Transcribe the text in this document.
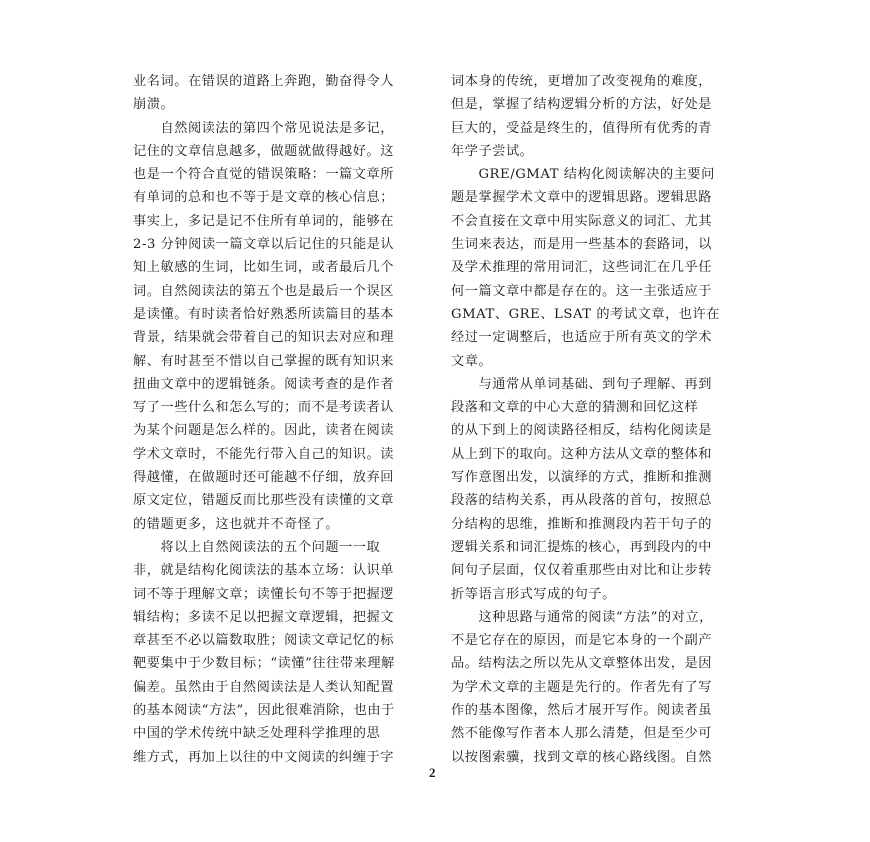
业名词。在错误的道路上奔跑，勤奋得令人
崩溃。
　　自然阅读法的第四个常见说法是多记，
记住的文章信息越多，做题就做得越好。这
也是一个符合直觉的错误策略：一篇文章所
有单词的总和也不等于是文章的核心信息；
事实上，多记是记不住所有单词的，能够在
2-3 分钟阅读一篇文章以后记住的只能是认
知上敏感的生词，比如生词，或者最后几个
词。自然阅读法的第五个也是最后一个误区
是读懂。有时读者恰好熟悉所读篇目的基本
背景，结果就会带着自己的知识去对应和理
解、有时甚至不惜以自己掌握的既有知识来
扭曲文章中的逻辑链条。阅读考查的是作者
写了一些什么和怎么写的；而不是考读者认
为某个问题是怎么样的。因此，读者在阅读
学术文章时，不能先行带入自己的知识。读
得越懂，在做题时还可能越不仔细，放弃回
原文定位，错题反而比那些没有读懂的文章
的错题更多，这也就并不奇怪了。
　　将以上自然阅读法的五个问题一一取
非，就是结构化阅读法的基本立场：认识单
词不等于理解文章；读懂长句不等于把握逻
辑结构；多读不足以把握文章逻辑，把握文
章甚至不必以篇数取胜；阅读文章记忆的标
靶要集中于少数目标；“读懂”往往带来理解
偏差。虽然由于自然阅读法是人类认知配置
的基本阅读“方法”，因此很难消除，也由于
中国的学术传统中缺乏处理科学推理的思
维方式，再加上以往的中文阅读的纠缠于字
词本身的传统，更增加了改变视角的难度，
但是，掌握了结构逻辑分析的方法，好处是
巨大的，受益是终生的，值得所有优秀的青
年学子尝试。
　　GRE/GMAT 结构化阅读解决的主要问
题是掌握学术文章中的逻辑思路。逻辑思路
不会直接在文章中用实际意义的词汇、尤其
生词来表达，而是用一些基本的套路词，以
及学术推理的常用词汇，这些词汇在几乎任
何一篇文章中都是存在的。这一主张适应于
GMAT、GRE、LSAT 的考试文章，也许在
经过一定调整后，也适应于所有英文的学术
文章。
　　与通常从单词基础、到句子理解、再到
段落和文章的中心大意的猜测和回忆这样
的从下到上的阅读路径相反，结构化阅读是
从上到下的取向。这种方法从文章的整体和
写作意图出发，以演绎的方式，推断和推测
段落的结构关系，再从段落的首句，按照总
分结构的思维，推断和推测段内若干句子的
逻辑关系和词汇提炼的核心，再到段内的中
间句子层面，仅仅着重那些由对比和让步转
折等语言形式写成的句子。
　　这种思路与通常的阅读“方法”的对立，
不是它存在的原因，而是它本身的一个副产
品。结构法之所以先从文章整体出发，是因
为学术文章的主题是先行的。作者先有了写
作的基本图像，然后才展开写作。阅读者虽
然不能像写作者本人那么清楚，但是至少可
以按图索骥，找到文章的核心路线图。自然
2
